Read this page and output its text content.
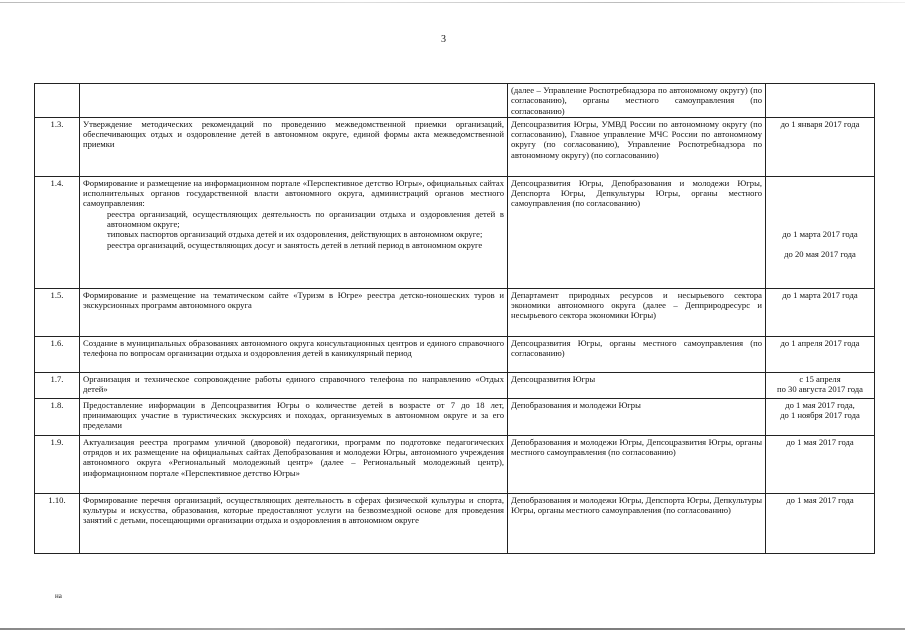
3
		(далее – Управление Роспотребнадзора по автономному округу) (по согласованию), органы местного самоуправления (по согласованию)	
1.3.	Утверждение методических рекомендаций по проведению межведомственной приемки организаций, обеспечивающих отдых и оздоровление детей в автономном округе, единой формы акта межведомственной приемки	Депсоцразвития Югры, УМВД России по автономному округу (по согласованию), Главное управление МЧС России по автономному округу (по согласованию), Управление Роспотребнадзора по автономному округу) (по согласованию)	до 1 января 2017 года
1.4.	Формирование и размещение на информационном портале «Перспективное детство Югры», официальных сайтах исполнительных органов государственной власти автономного округа, администраций органов местного самоуправления:
реестра организаций, осуществляющих деятельность по организации отдыха и оздоровления детей в автономном округе;
типовых паспортов организаций отдыха детей и их оздоровления, действующих в автономном округе;
реестра организаций, осуществляющих досуг и занятость детей в летний период в автономном округе	Депсоцразвития Югры, Депобразования и молодежи Югры, Депспорта Югры, Депкультуры Югры, органы местного самоуправления (по согласованию)	до 1 марта 2017 года
до 20 мая 2017 года

1.5.	Формирование и размещение на тематическом сайте «Туризм в Югре» реестра детско-юношеских туров и экскурсионных программ автономного округа	Департамент природных ресурсов и несырьевого сектора экономики автономного округа (далее – Депприродресурс и несырьевого сектора экономики Югры)	до 1 марта 2017 года
1.6.	Создание в муниципальных образованиях автономного округа консультационных центров и единого справочного телефона по вопросам организации отдыха и оздоровления детей в каникулярный период	Депсоцразвития Югры, органы местного самоуправления (по согласованию)	до 1 апреля 2017 года
1.7.	Организация и техническое сопровождение работы единого справочного телефона по направлению «Отдых детей»	Депсоцразвития Югры	с 15 апреля
по 30 августа 2017 года

1.8.	Предоставление информации в Депсоцразвития Югры о количестве детей в возрасте от 7 до 18 лет, принимающих участие в туристических экскурсиях и походах, организуемых в автономном округе и за его пределами	Депобразования и молодежи Югры	до 1 мая 2017 года,
до 1 ноября 2017 года

1.9.	Актуализация реестра программ уличной (дворовой) педагогики, программ по подготовке педагогических отрядов и их размещение на официальных сайтах Депобразования и молодежи Югры, автономного учреждения автономного округа «Региональный молодежный центр» (далее – Региональный молодежный центр), информационном портале «Перспективное детство Югры»	Депобразования и молодежи Югры, Депсоцразвития Югры, органы местного самоуправления (по согласованию)	до 1 мая 2017 года
1.10.	Формирование перечня организаций, осуществляющих деятельность в сферах физической культуры и спорта, культуры и искусства, образования, которые предоставляют услуги на безвозмездной основе для проведения занятий с детьми, посещающими организации отдыха и оздоровления в автономном округе	Депобразования и молодежи Югры, Депспорта Югры, Депкультуры Югры, органы местного самоуправления (по согласованию)	до 1 мая 2017 года
на
